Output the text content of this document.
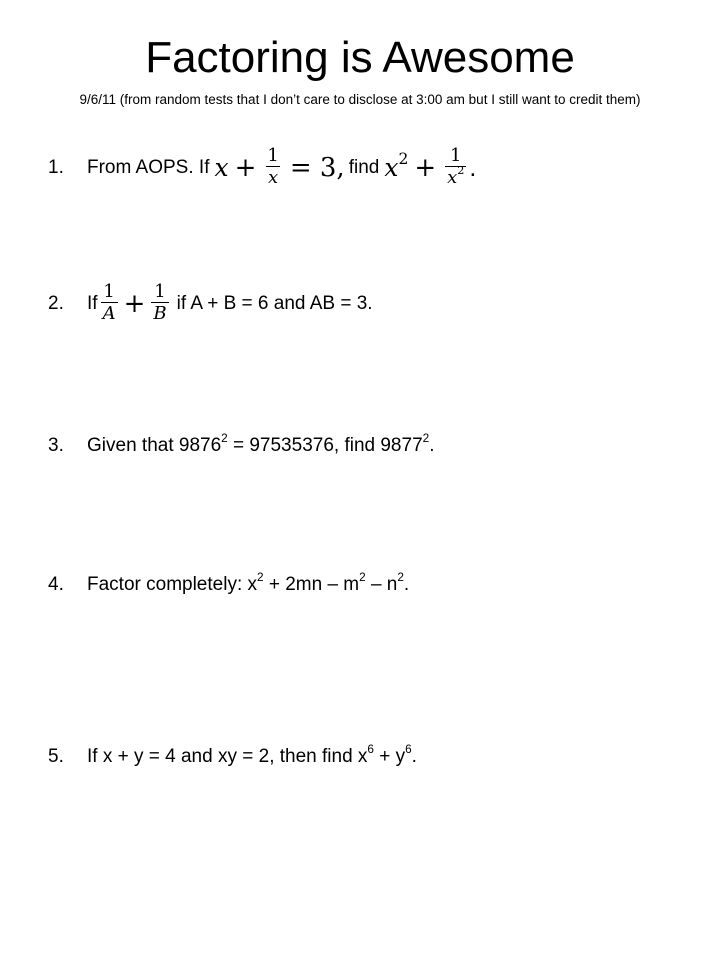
Factoring is Awesome
9/6/11 (from random tests that I don’t care to disclose at 3:00 am but I still want to credit them)
1.	From AOPS. If $x + \frac{1}{x} = 3$, find $x^2 + \frac{1}{x^2}$ .
2.	If $\frac{1}{A} + \frac{1}{B}$ if A + B = 6 and AB = 3.
3.	Given that $9876^2 = 97535376$, find 9877$^2$.
4.	Factor completely: $x^2 + 2mn - m^2 - n^2$.
5.	If x + y = 4 and xy = 2, then find $x^6 + y^6$.
